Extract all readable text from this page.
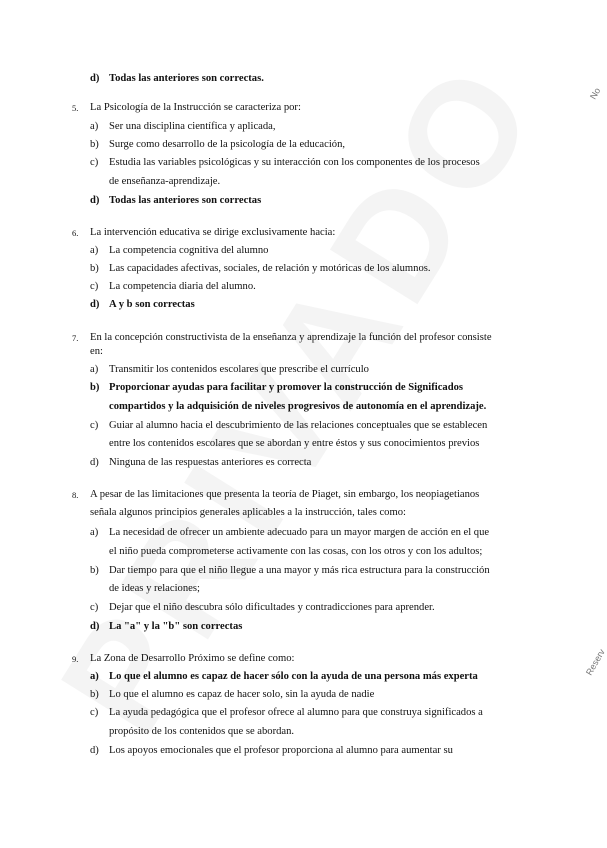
No
Reserv
d) Todas las anteriores son correctas.
5. La Psicología de la Instrucción se caracteriza por:
a) Ser una disciplina científica y aplicada,
b) Surge como desarrollo de la psicología de la educación,
c) Estudia las variables psicológicas y su interacción con los componentes de los procesos
de enseñanza-aprendizaje.
d) Todas las anteriores son correctas
6. La intervención educativa se dirige exclusivamente hacia:
a) La competencia cognitiva del alumno
b) Las capacidades afectivas, sociales, de relación y motóricas de los alumnos.
c) La competencia diaria del alumno.
d) A y b son correctas
7. En la concepción constructivista de la enseñanza y aprendizaje la función del profesor consiste
en:
a) Transmitir los contenidos escolares que prescribe el currículo
b) Proporcionar ayudas para facilitar y promover la construcción de Significados
compartidos y la adquisición de niveles progresivos de autonomía en el aprendizaje.
c) Guiar al alumno hacia el descubrimiento de las relaciones conceptuales que se establecen
entre los contenidos escolares que se abordan y entre éstos y sus conocimientos previos
d) Ninguna de las respuestas anteriores es correcta
8. A pesar de las limitaciones que presenta la teoría de Piaget, sin embargo, los neopiagetianos
señala algunos principios generales aplicables a la instrucción, tales como:
a) La necesidad de ofrecer un ambiente adecuado para un mayor margen de acción en el que
el niño pueda comprometerse activamente con las cosas, con los otros y con los adultos;
b) Dar tiempo para que el niño llegue a una mayor y más rica estructura para la construcción
de ideas y relaciones;
c) Dejar que el niño descubra sólo dificultades y contradicciones para aprender.
d) La "a" y la "b" son correctas
9. La Zona de Desarrollo Próximo se define como:
a) Lo que el alumno es capaz de hacer sólo con la ayuda de una persona más experta
b) Lo que el alumno es capaz de hacer solo, sin la ayuda de nadie
c) La ayuda pedagógica que el profesor ofrece al alumno para que construya significados a
propósito de los contenidos que se abordan.
d) Los apoyos emocionales que el profesor proporciona al alumno para aumentar su
